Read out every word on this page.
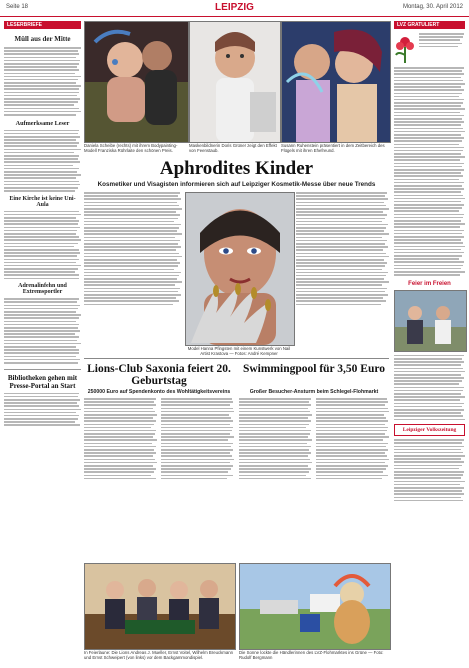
Seite 18	LEIPZIG	Montag, 30. April 2012
LESERBRIEFE
Müll aus der Mitte
Aufmerksame Leser
Eine Kirche ist keine Uni-Aula
Adrenalinfehn und Extremsportler
Bibliotheken gehen mit Presse-Portal an Start
Daniela Scheibe (rechts) mit ihrem Bodypainting-Modell Franziska Rührlaite den schönen Preis.
Maskenbildnerin Doris Grüner zeigt den Effekt von Feenstaub.
Susann Ruhenstein präsentiert in dem Zeitbereich des Flügels mit ihren Ehefreund.
Aphrodites Kinder
Kosmetiker und Visagisten informieren sich auf Leipziger Kosmetik-Messe über neue Trends
Model Hanna Pfingsten mit einem Kunstwerk von Nail Artist Krastova — Fotos: André Kempner
Lions-Club Saxonia feiert 20. Geburtstag
250000 Euro auf Spendenkonto des Wohltätigkeitsvereins
In Feierlaune: Die Lions Andreas J. Mueller, Ernst Voitel, Wilhelm Breuckmann und Ernst Schweipert (von links) vor dem Backgammondispiel.
Swimmingpool für 3,50 Euro
Großer Besucher-Ansturm beim Schlegel-Flohmarkt
Die Sonne lockte die Händlerinnen des LVZ-Flohmarktes ins Grüne — Foto: Rudolf Bergmann
LVZ GRATULIERT
Feier im Freien
Leipziger Volkszeitung
